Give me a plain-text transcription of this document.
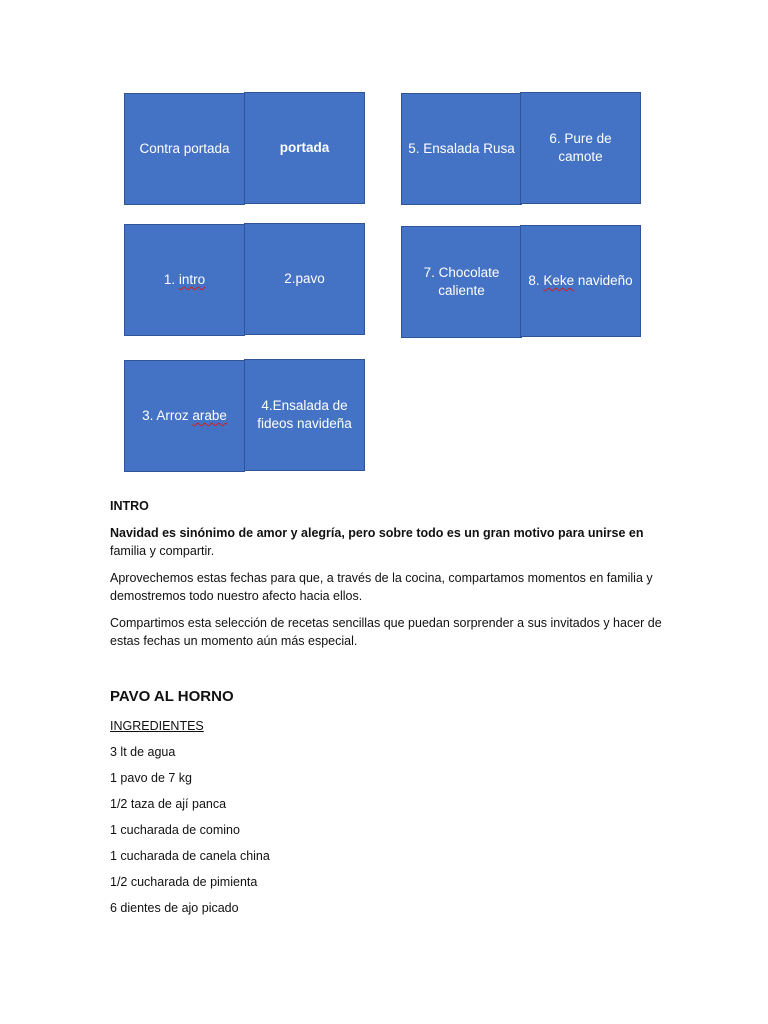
Contra portada	portada	5. Ensalada Rusa
6. Pure de
camote
1. intro	2.pavo	7. Chocolate
caliente
8. Keke navideño
3. Arroz arabe
4.Ensalada de
fideos navideña
INTRO
Navidad es sinónimo de amor y alegría, pero sobre todo es un gran motivo para unirse en
familia y compartir.
Aprovechemos estas fechas para que, a través de la cocina, compartamos momentos en familia y demostremos todo nuestro afecto hacia ellos.
Compartimos esta selección de recetas sencillas que puedan sorprender a sus invitados y hacer de estas fechas un momento aún más especial.
PAVO AL HORNO
INGREDIENTES
3 lt de agua
1 pavo de 7 kg
1/2 taza de ají panca
1 cucharada de comino
1 cucharada de canela china
1/2 cucharada de pimienta
6 dientes de ajo picado
